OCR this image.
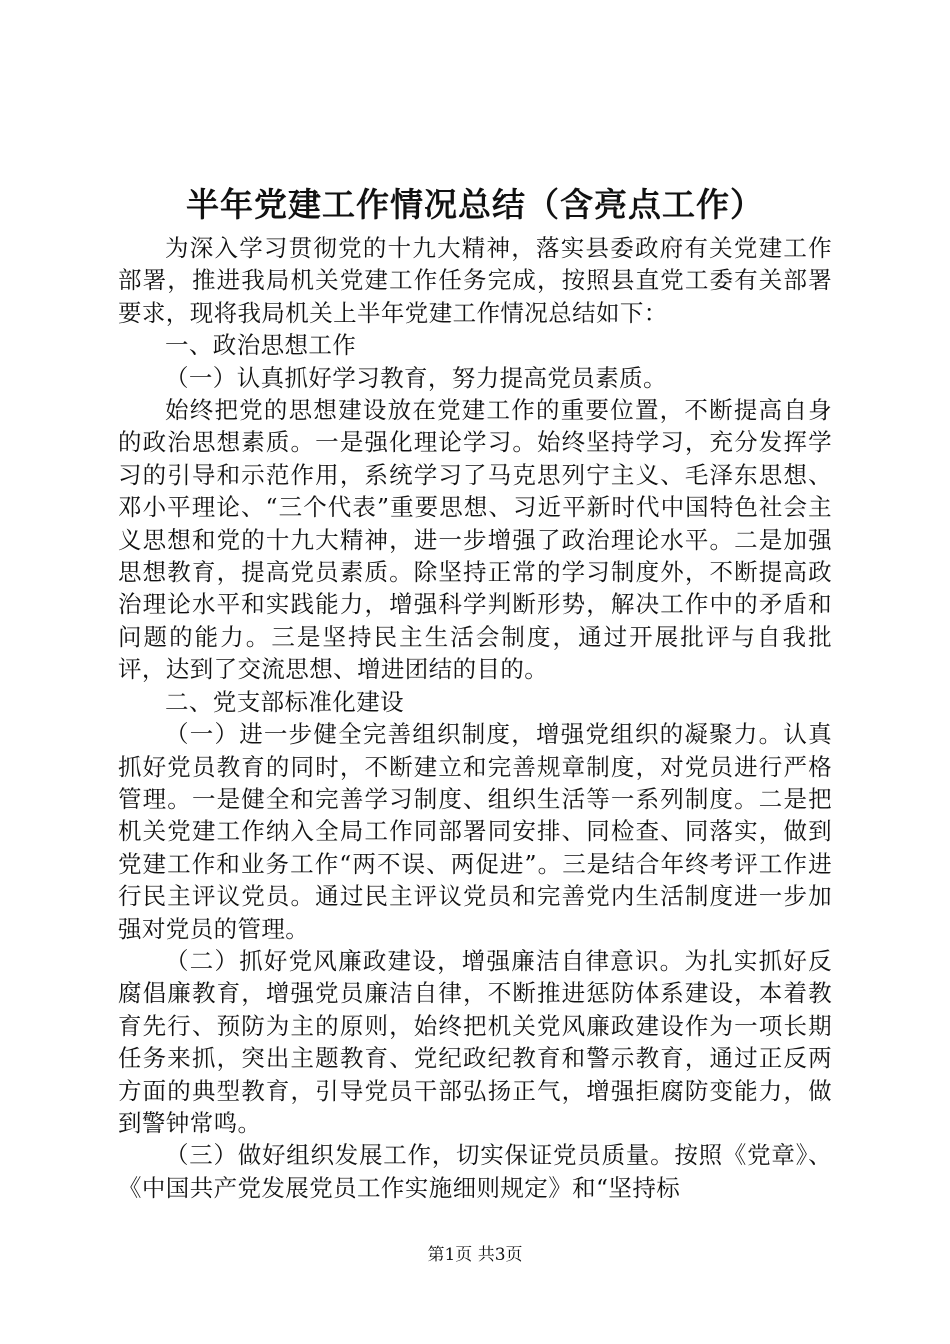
半年党建工作情况总结（含亮点工作）

为深入学习贯彻党的十九大精神，落实县委政府有关党建工作部署，推进我局机关党建工作任务完成，按照县直党工委有关部署要求，现将我局机关上半年党建工作情况总结如下：

一、政治思想工作

（一）认真抓好学习教育，努力提高党员素质。

始终把党的思想建设放在党建工作的重要位置，不断提高自身的政治思想素质。一是强化理论学习。始终坚持学习，充分发挥学习的引导和示范作用，系统学习了马克思列宁主义、毛泽东思想、邓小平理论、“三个代表”重要思想、习近平新时代中国特色社会主义思想和党的十九大精神，进一步增强了政治理论水平。二是加强思想教育，提高党员素质。除坚持正常的学习制度外，不断提高政治理论水平和实践能力，增强科学判断形势，解决工作中的矛盾和问题的能力。三是坚持民主生活会制度，通过开展批评与自我批评，达到了交流思想、增进团结的目的。

二、党支部标准化建设

（一）进一步健全完善组织制度，增强党组织的凝聚力。认真抓好党员教育的同时，不断建立和完善规章制度，对党员进行严格管理。一是健全和完善学习制度、组织生活等一系列制度。二是把机关党建工作纳入全局工作同部署同安排、同检查、同落实，做到党建工作和业务工作“两不误、两促进”。三是结合年终考评工作进行民主评议党员。通过民主评议党员和完善党内生活制度进一步加强对党员的管理。

（二）抓好党风廉政建设，增强廉洁自律意识。为扎实抓好反腐倡廉教育，增强党员廉洁自律，不断推进惩防体系建设，本着教育先行、预防为主的原则，始终把机关党风廉政建设作为一项长期任务来抓，突出主题教育、党纪政纪教育和警示教育，通过正反两方面的典型教育，引导党员干部弘扬正气，增强拒腐防变能力，做到警钟常鸣。

（三）做好组织发展工作，切实保证党员质量。按照《党章》、《中国共产党发展党员工作实施细则规定》和“坚持标

第1页 共3页
